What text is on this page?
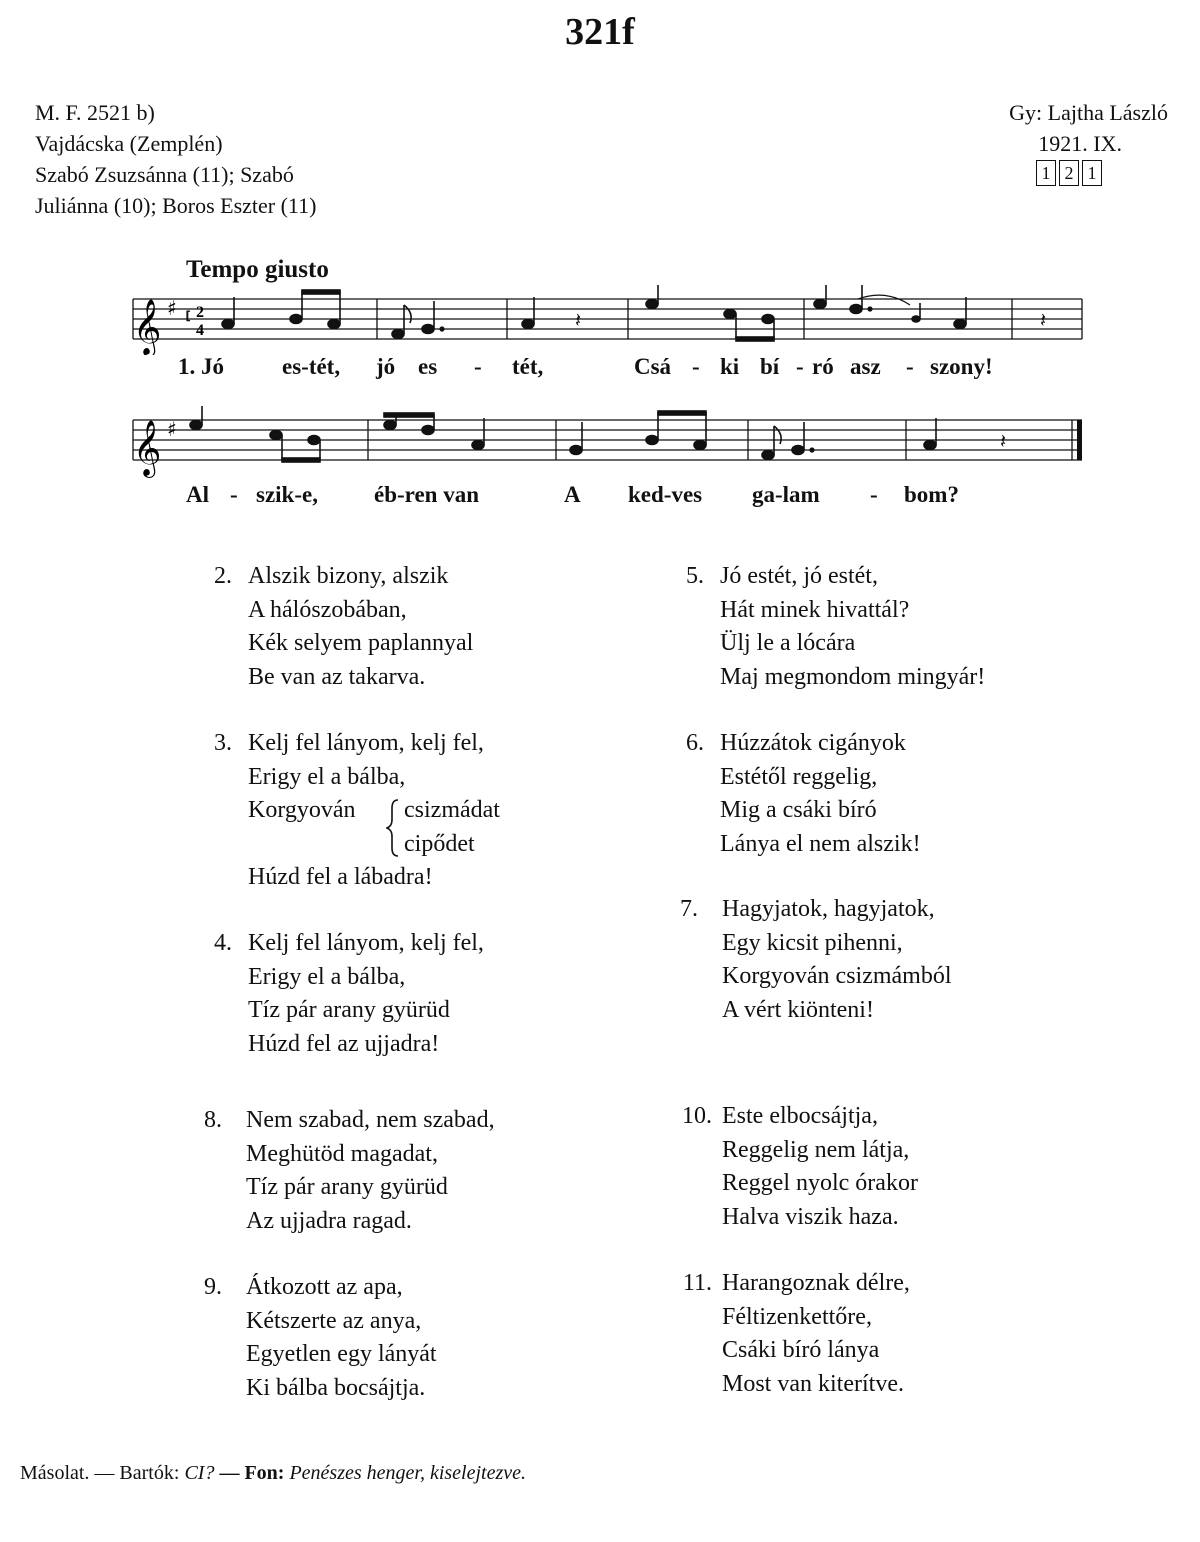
321f
M. F. 2521 b)
Vajdácska (Zemplén)
Szabó Zsuzsánna (11); Szabó
Juliánna (10); Boros Eszter (11)
Gy: Lajtha László
1921. IX.
1 2 1
Tempo giusto
𝄞 ♯ [ 2
4	𝄽	𝄽
1. Jó	es-tét, jó es - tét,	Csá - ki bí - ró asz - szony!
𝄞 ♯	𝄽
Al - szik-e, éb-ren van	A ked-ves ga-lam - bom?
2. Alszik bizony, alszik
A hálószobában,
Kék selyem paplannyal
Be van az takarva.
3. Kelj fel lányom, kelj fel,
Erigy el a bálba,
Korgyován csizmádat
cipődet
Húzd fel a lábadra!
4. Kelj fel lányom, kelj fel,
Erigy el a bálba,
Tíz pár arany gyürüd
Húzd fel az ujjadra!
5. Jó estét, jó estét,
Hát minek hivattál?
Ülj le a lócára
Maj megmondom mingyár!
6. Húzzátok cigányok
Estétől reggelig,
Mig a csáki bíró
Lánya el nem alszik!
7. Hagyjatok, hagyjatok,
Egy kicsit pihenni,
Korgyován csizmámból
A vért kiönteni!
8. Nem szabad, nem szabad,
Meghütöd magadat,
Tíz pár arany gyürüd
Az ujjadra ragad.
9. Átkozott az apa,
Kétszerte az anya,
Egyetlen egy lányát
Ki bálba bocsájtja.
10. Este elbocsájtja,
Reggelig nem látja,
Reggel nyolc órakor
Halva viszik haza.
11. Harangoznak délre,
Féltizenkettőre,
Csáki bíró lánya
Most van kiterítve.
Másolat. — Bartók: CI? — Fon: Penészes henger, kiselejtezve.
